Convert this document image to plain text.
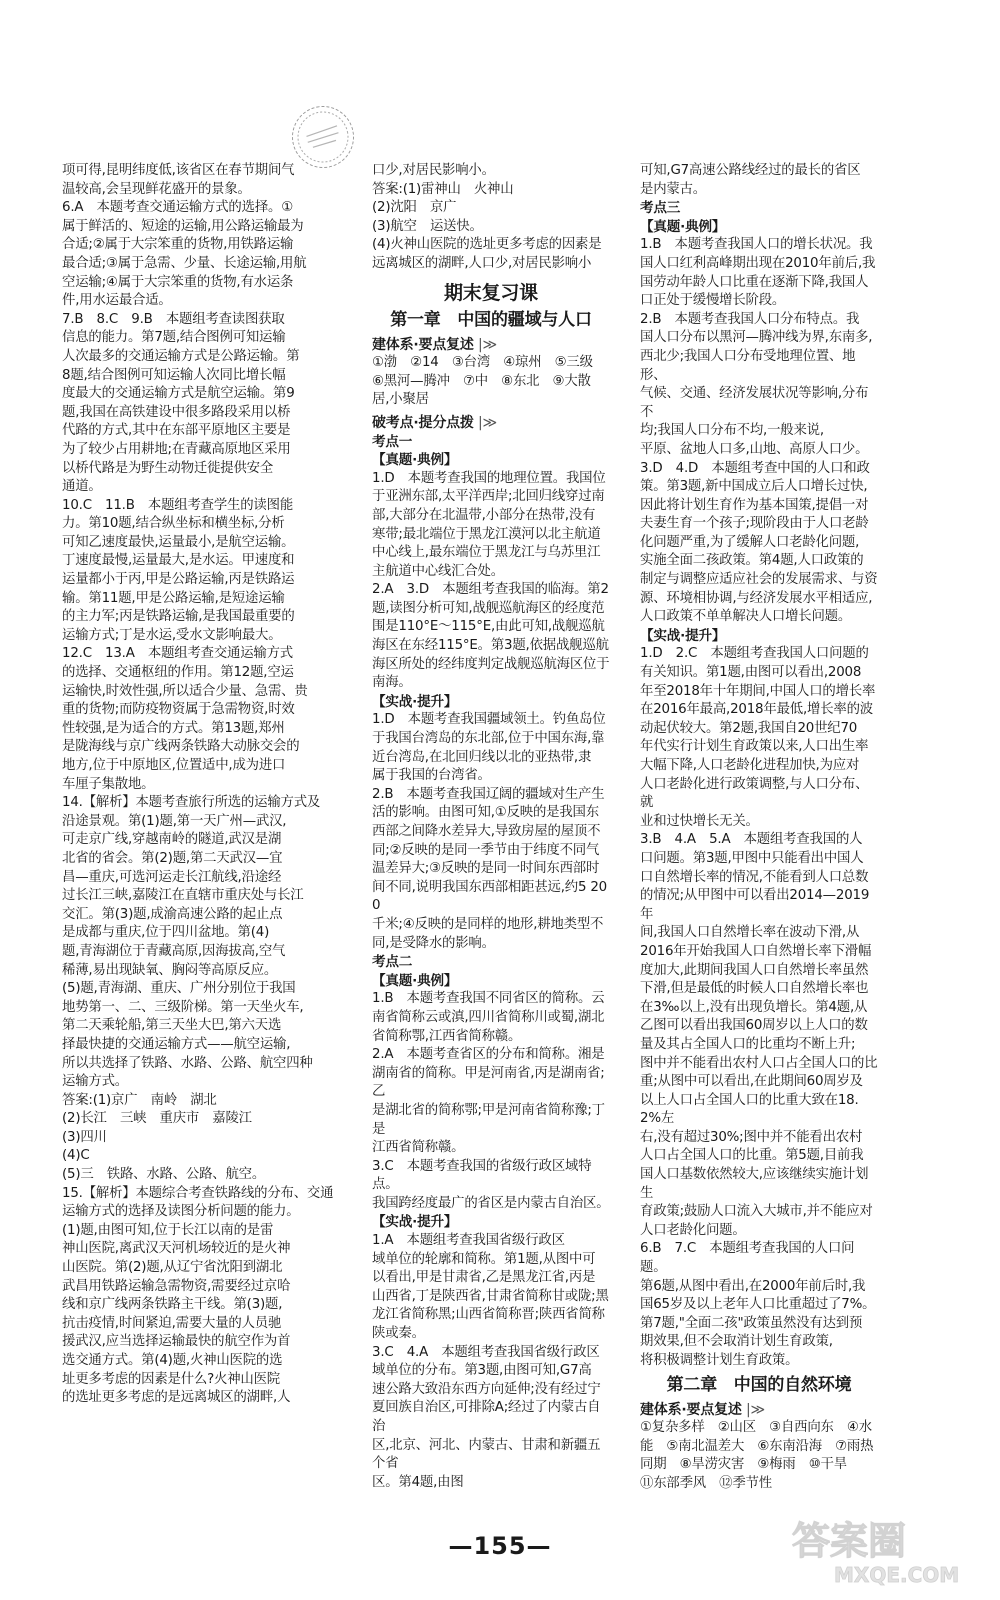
项可得,昆明纬度低,该省区在春节期间气
温较高,会呈现鲜花盛开的景象。
6.A　本题考查交通运输方式的选择。①
属于鲜活的、短途的运输,用公路运输最为
合适;②属于大宗笨重的货物,用铁路运输
最合适;③属于急需、少量、长途运输,用航
空运输;④属于大宗笨重的货物,有水运条
件,用水运最合适。
7.B　8.C　9.B　本题组考查读图获取
信息的能力。第7题,结合图例可知运输
人次最多的交通运输方式是公路运输。第
8题,结合图例可知运输人次同比增长幅
度最大的交通运输方式是航空运输。第9
题,我国在高铁建设中很多路段采用以桥
代路的方式,其中在东部平原地区主要是
为了较少占用耕地;在青藏高原地区采用
以桥代路是为野生动物迁徙提供安全
通道。
10.C　11.B　本题组考查学生的读图能
力。第10题,结合纵坐标和横坐标,分析
可知乙速度最快,运量最小,是航空运输。
丁速度最慢,运量最大,是水运。甲速度和
运量都小于丙,甲是公路运输,丙是铁路运
输。第11题,甲是公路运输,是短途运输
的主力军;丙是铁路运输,是我国最重要的
运输方式;丁是水运,受水文影响最大。
12.C　13.A　本题组考查交通运输方式
的选择、交通枢纽的作用。第12题,空运
运输快,时效性强,所以适合少量、急需、贵
重的货物;而防疫物资属于急需物资,时效
性较强,是为适合的方式。第13题,郑州
是陇海线与京广线两条铁路大动脉交会的
地方,位于中原地区,位置适中,成为进口
车厘子集散地。
14.【解析】本题考查旅行所选的运输方式及
沿途景观。第(1)题,第一天广州—武汉,
可走京广线,穿越南岭的隧道,武汉是湖
北省的省会。第(2)题,第二天武汉—宜
昌—重庆,可选河运走长江航线,沿途经
过长江三峡,嘉陵江在直辖市重庆处与长江
交汇。第(3)题,成渝高速公路的起止点
是成都与重庆,位于四川盆地。第(4)
题,青海湖位于青藏高原,因海拔高,空气
稀薄,易出现缺氧、胸闷等高原反应。
(5)题,青海湖、重庆、广州分别位于我国
地势第一、二、三级阶梯。第一天坐火车,
第二天乘轮船,第三天坐大巴,第六天选
择最快捷的交通运输方式——航空运输,
所以共选择了铁路、水路、公路、航空四种
运输方式。
答案:(1)京广　南岭　湖北
(2)长江　三峡　重庆市　嘉陵江
(3)四川
(4)C
(5)三　铁路、水路、公路、航空。
15.【解析】本题综合考查铁路线的分布、交通
运输方式的选择及读图分析问题的能力。
(1)题,由图可知,位于长江以南的是雷
神山医院,离武汉天河机场较近的是火神
山医院。第(2)题,从辽宁省沈阳到湖北
武昌用铁路运输急需物资,需要经过京哈
线和京广线两条铁路主干线。第(3)题,
抗击疫情,时间紧迫,需要大量的人员驰
援武汉,应当选择运输最快的航空作为首
选交通方式。第(4)题,火神山医院的选
址更多考虑的因素是什么?火神山医院
的选址更多考虑的是远离城区的湖畔,人
口少,对居民影响小。
答案:(1)雷神山　火神山
(2)沈阳　京广
(3)航空　运送快。
(4)火神山医院的选址更多考虑的因素是
远离城区的湖畔,人口少,对居民影响小
期末复习课
第一章　中国的疆域与人口
建体系·要点复述 |≫
①渤　②14　③台湾　④琼州　⑤三级
⑥黑河—腾冲　⑦中　⑧东北　⑨大散
居,小聚居
破考点·提分点拨 |≫
考点一
【真题·典例】
1.D　本题考查我国的地理位置。我国位
于亚洲东部,太平洋西岸;北回归线穿过南
部,大部分在北温带,小部分在热带,没有
寒带;最北端位于黑龙江漠河以北主航道
中心线上,最东端位于黑龙江与乌苏里江
主航道中心线汇合处。
2.A　3.D　本题组考查我国的临海。第2
题,读图分析可知,战舰巡航海区的经度范
围是110°E～115°E,由此可知,战舰巡航
海区在东经115°E。第3题,依据战舰巡航
海区所处的经纬度判定战舰巡航海区位于
南海。
【实战·提升】
1.D　本题考查我国疆域领土。钓鱼岛位
于我国台湾岛的东北部,位于中国东海,靠
近台湾岛,在北回归线以北的亚热带,隶
属于我国的台湾省。
2.B　本题考查我国辽阔的疆域对生产生
活的影响。由图可知,①反映的是我国东
西部之间降水差异大,导致房屋的屋顶不
同;②反映的是同一季节由于纬度不同气
温差异大;③反映的是同一时间东西部时
间不同,说明我国东西部相距甚远,约5 200
千米;④反映的是同样的地形,耕地类型不
同,是受降水的影响。
考点二
【真题·典例】
1.B　本题考查我国不同省区的简称。云
南省简称云或滇,四川省简称川或蜀,湖北
省简称鄂,江西省简称赣。
2.A　本题考查省区的分布和简称。湘是
湖南省的简称。甲是河南省,丙是湖南省;乙
是湖北省的简称鄂;甲是河南省简称豫;丁是
江西省简称赣。
3.C　本题考查我国的省级行政区域特点。
我国跨经度最广的省区是内蒙古自治区。
【实战·提升】
1.A　本题组考查我国省级行政区
域单位的轮廓和简称。第1题,从图中可
以看出,甲是甘肃省,乙是黑龙江省,丙是
山西省,丁是陕西省,甘肃省简称甘或陇;黑
龙江省简称黑;山西省简称晋;陕西省简称
陕或秦。
3.C　4.A　本题组考查我国省级行政区
域单位的分布。第3题,由图可知,G7高
速公路大致沿东西方向延伸;没有经过宁
夏回族自治区,可排除A;经过了内蒙古自治
区,北京、河北、内蒙古、甘肃和新疆五个省
区。第4题,由图
可知,G7高速公路线经过的最长的省区
是内蒙古。
考点三
【真题·典例】
1.B　本题考查我国人口的增长状况。我
国人口红利高峰期出现在2010年前后,我
国劳动年龄人口比重在逐渐下降,我国人
口正处于缓慢增长阶段。
2.B　本题考查我国人口分布特点。我
国人口分布以黑河—腾冲线为界,东南多,
西北少;我国人口分布受地理位置、地形、
气候、交通、经济发展状况等影响,分布不
均;我国人口分布不均,一般来说,
平原、盆地人口多,山地、高原人口少。
3.D　4.D　本题组考查中国的人口和政
策。第3题,新中国成立后人口增长过快,
因此将计划生育作为基本国策,提倡一对
夫妻生育一个孩子;现阶段由于人口老龄
化问题严重,为了缓解人口老龄化问题,
实施全面二孩政策。第4题,人口政策的
制定与调整应适应社会的发展需求、与资
源、环境相协调,与经济发展水平相适应,
人口政策不单单解决人口增长问题。
【实战·提升】
1.D　2.C　本题组考查我国人口问题的
有关知识。第1题,由图可以看出,2008
年至2018年十年期间,中国人口的增长率
在2016年最高,2018年最低,增长率的波
动起伏较大。第2题,我国自20世纪70
年代实行计划生育政策以来,人口出生率
大幅下降,人口老龄化进程加快,为应对
人口老龄化进行政策调整,与人口分布、就
业和过快增长无关。
3.B　4.A　5.A　本题组考查我国的人
口问题。第3题,甲图中只能看出中国人
口自然增长率的情况,不能看到人口总数
的情况;从甲图中可以看出2014—2019年
间,我国人口自然增长率在波动下滑,从
2016年开始我国人口自然增长率下滑幅
度加大,此期间我国人口自然增长率虽然
下滑,但是最低的时候人口自然增长率也
在3‰以上,没有出现负增长。第4题,从
乙图可以看出我国60周岁以上人口的数
量及其占全国人口的比重均不断上升;
图中并不能看出农村人口占全国人口的比
重;从图中可以看出,在此期间60周岁及
以上人口占全国人口的比重大致在18.2%左
右,没有超过30%;图中并不能看出农村
人口占全国人口的比重。第5题,目前我
国人口基数依然较大,应该继续实施计划生
育政策;鼓励人口流入大城市,并不能应对
人口老龄化问题。
6.B　7.C　本题组考查我国的人口问题。
第6题,从图中看出,在2000年前后时,我
国65岁及以上老年人口比重超过了7%。
第7题,"全面二孩"政策虽然没有达到预
期效果,但不会取消计划生育政策,
将积极调整计划生育政策。
第二章　中国的自然环境
建体系·要点复述 |≫
①复杂多样　②山区　③自西向东　④水
能　⑤南北温差大　⑥东南沿海　⑦雨热
同期　⑧旱涝灾害　⑨梅雨　⑩干旱
⑪东部季风　⑫季节性
—155—	答案圈
MXQE.COM
